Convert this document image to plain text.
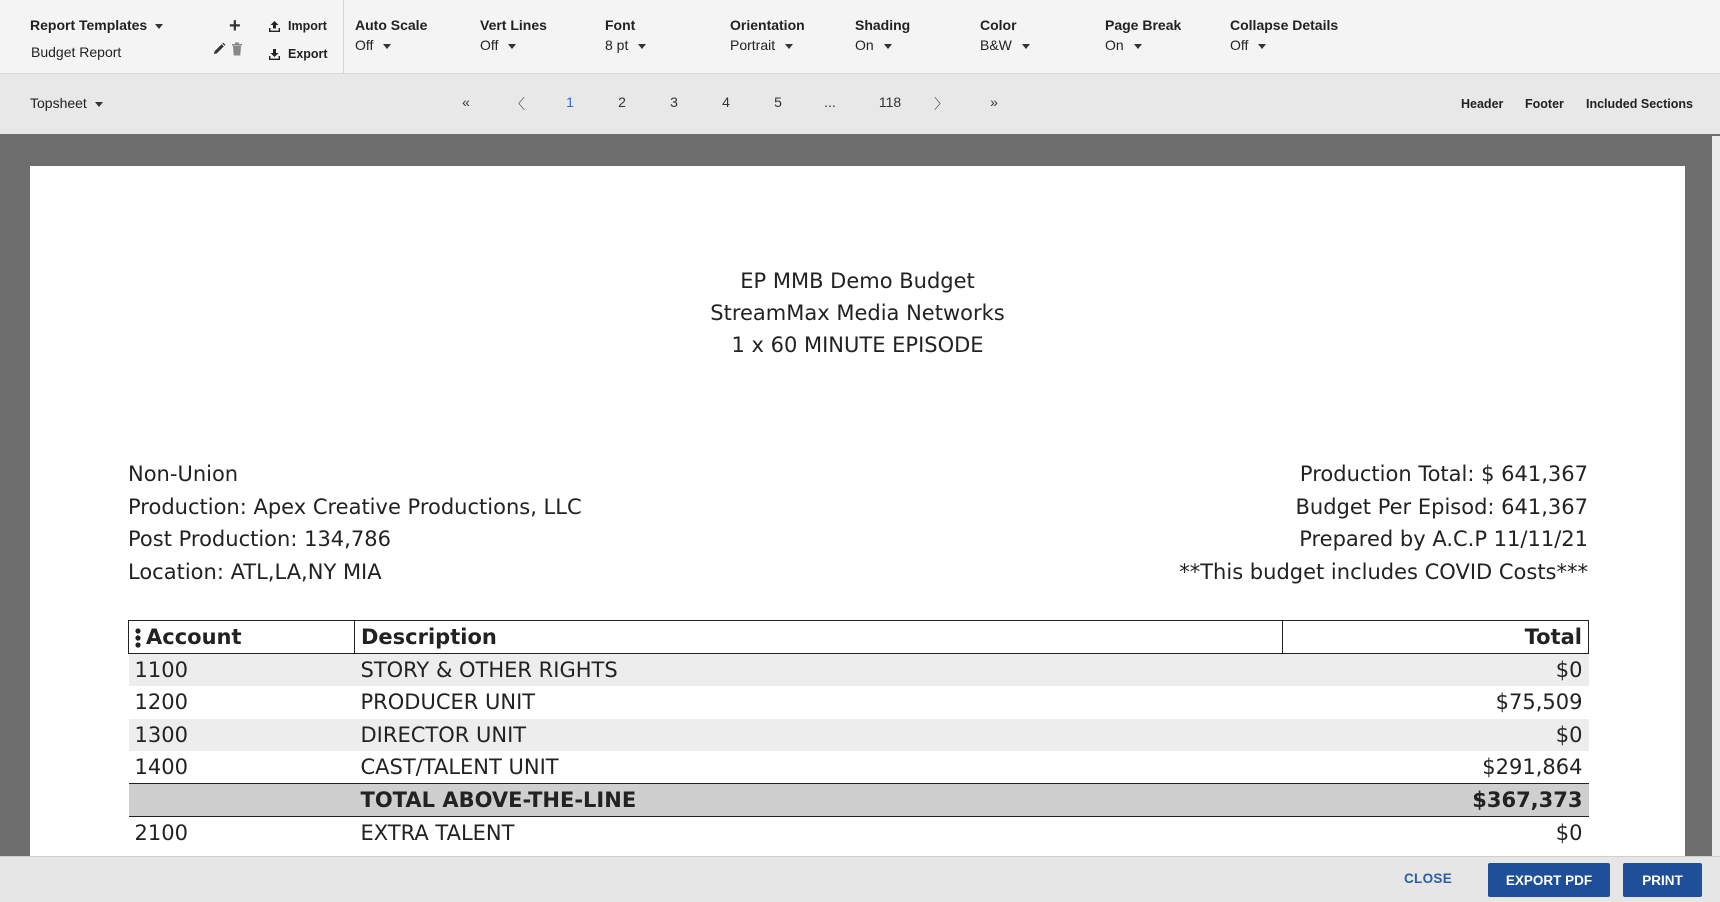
Report Templates
Budget Report
+	Import
Export
Auto Scale
Off
Vert Lines
Off
Font
8 pt
Orientation
Portrait
Shading
On
Color
B&W
Page Break
On
Collapse Details
Off
Topsheet	«	〈	1	2	3	4	5	...	118	〉	»	Header Footer Included Sections
EP MMB Demo Budget
StreamMax Media Networks
1 x 60 MINUTE EPISODE
Non-Union
Production: Apex Creative Productions, LLC
Post Production: 134,786
Location: ATL,LA,NY MIA
Production Total: $ 641,367
Budget Per Episod: 641,367
Prepared by A.C.P 11/11/21
**This budget includes COVID Costs***
Account	Description	Total
1100	STORY & OTHER RIGHTS	$0
1200	PRODUCER UNIT	$75,509
1300	DIRECTOR UNIT	$0
1400	CAST/TALENT UNIT	$291,864
	TOTAL ABOVE-THE-LINE	$367,373
2100	EXTRA TALENT	$0
CLOSE	EXPORT PDF	PRINT
